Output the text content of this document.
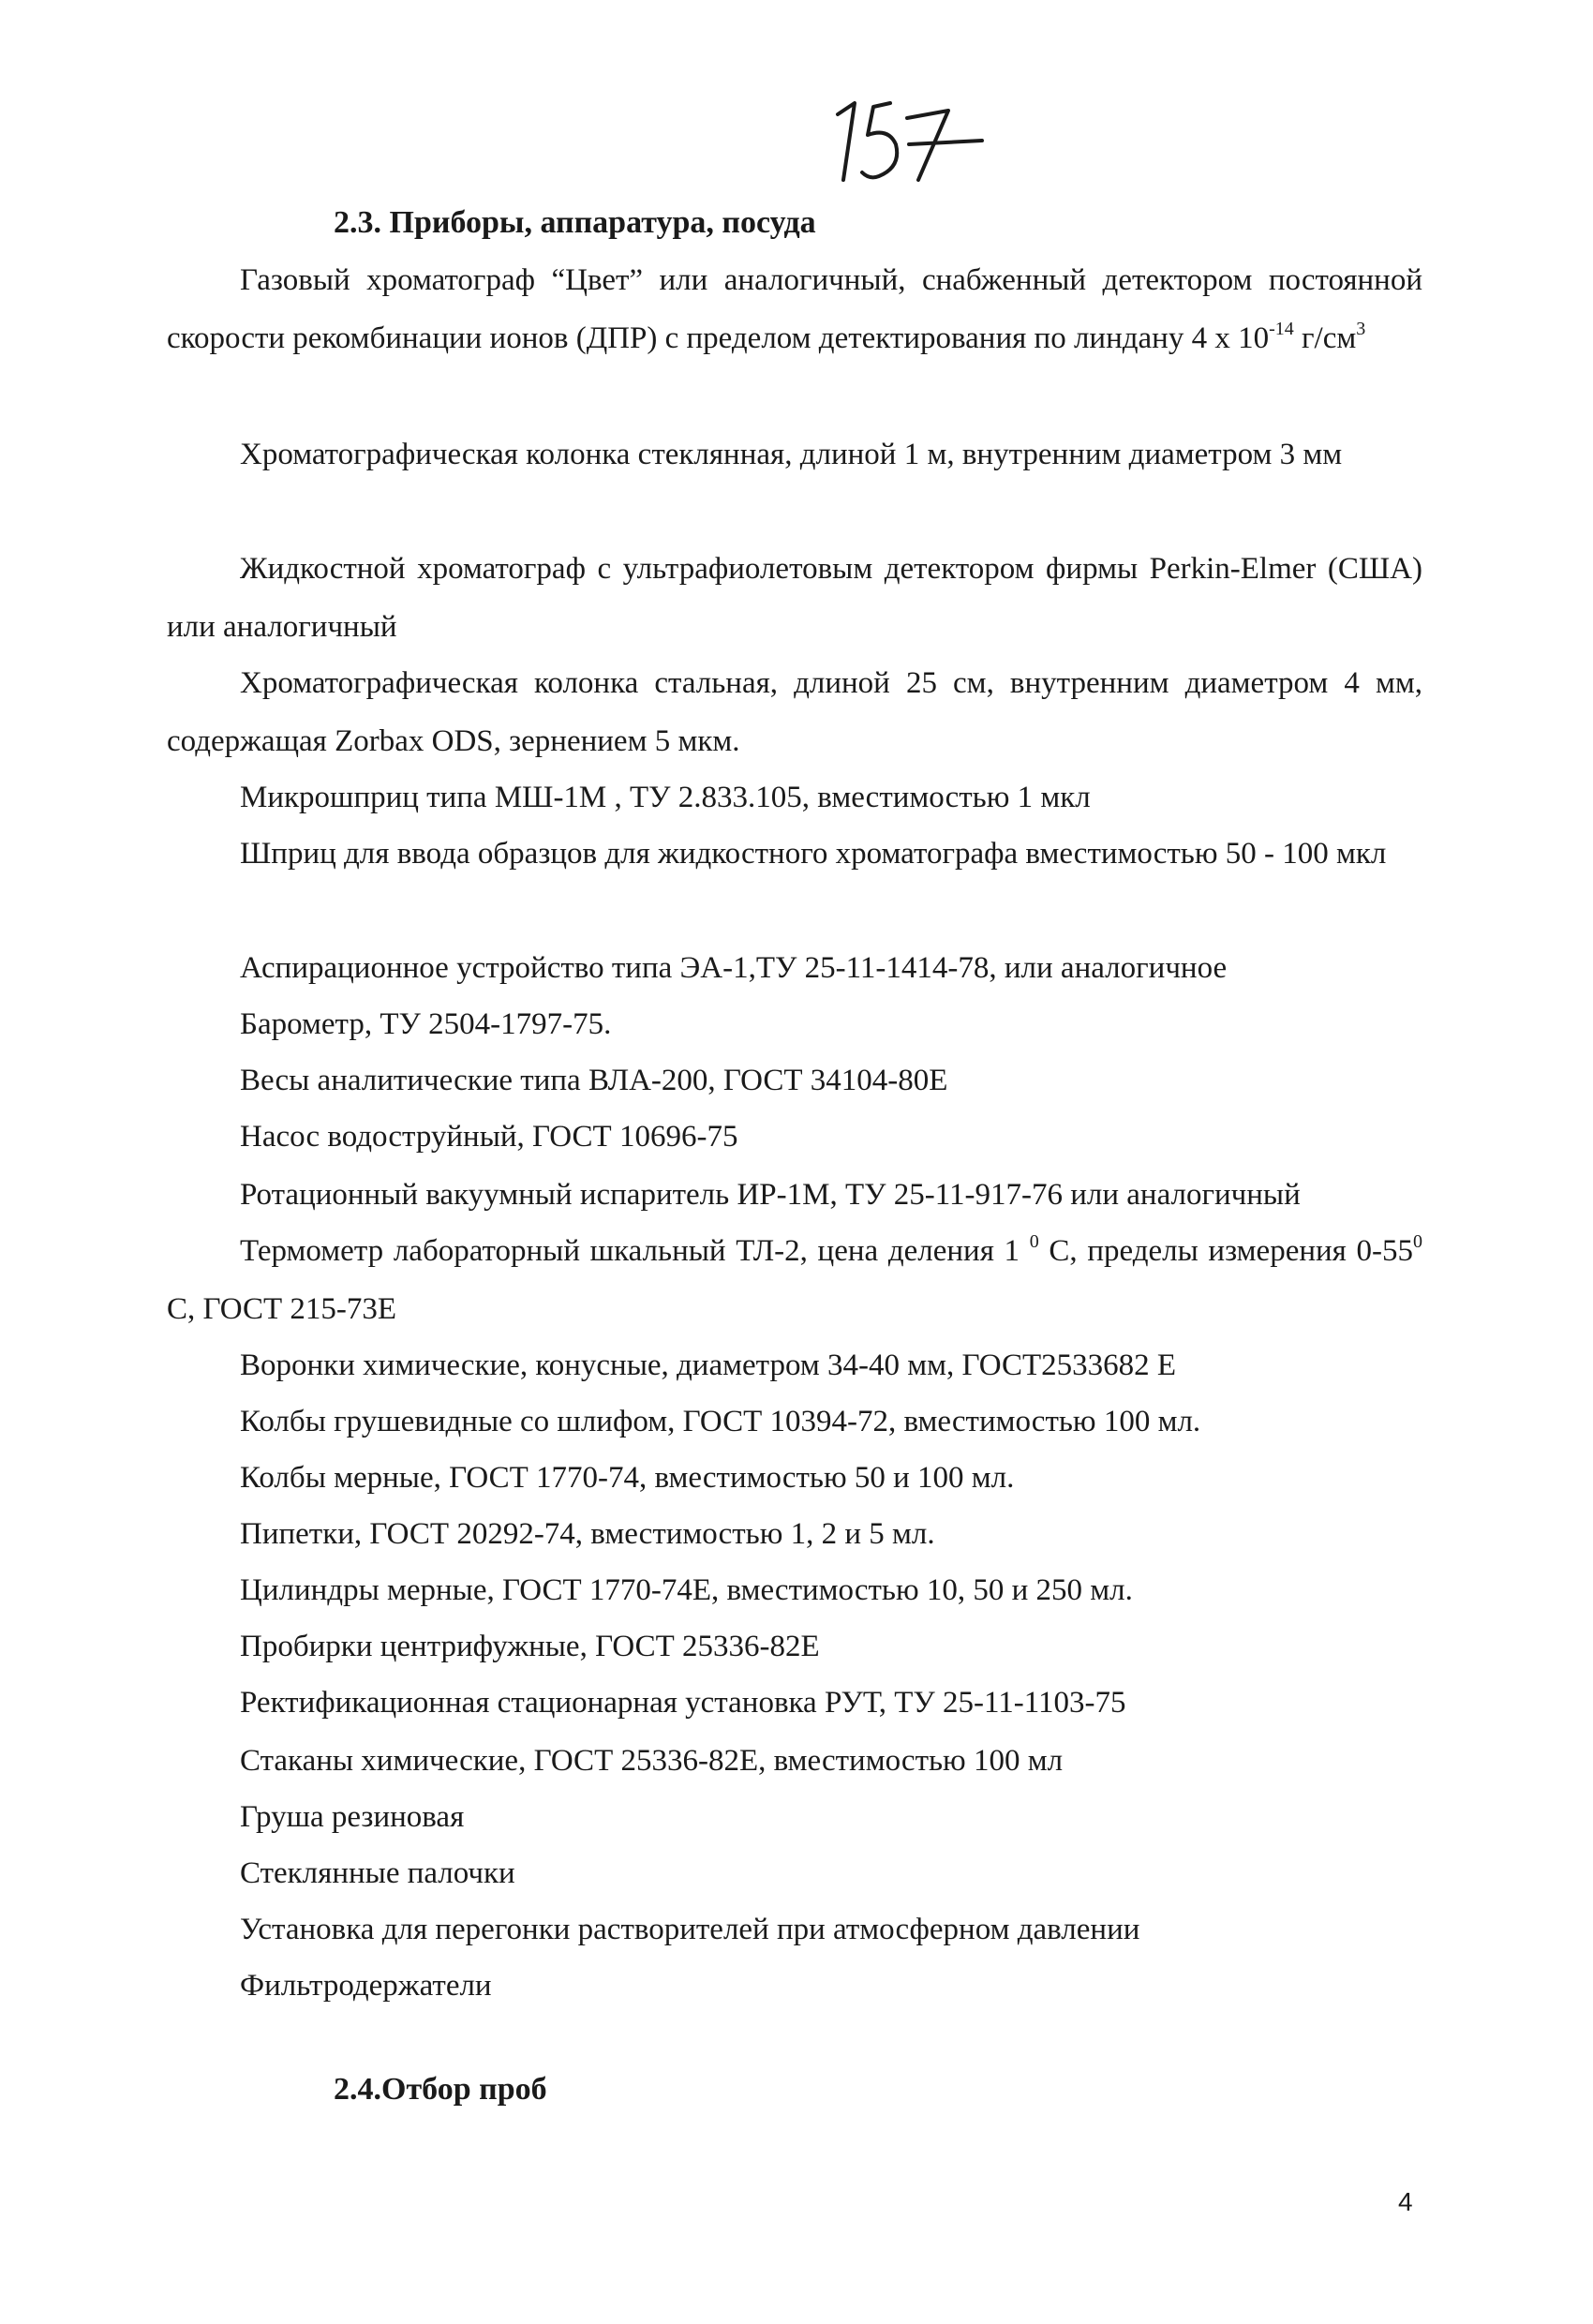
2.3. Приборы, аппаратура, посуда

Газовый хроматограф “Цвет” или аналогичный, снабженный детектором постоянной скорости рекомбинации ионов (ДПР) с пределом детектирования по линдану 4 x $10^{-14}$ $г/см^3$

Хроматографическая колонка стеклянная, длиной 1 м, внутренним диаметром 3 мм

Жидкостной хроматограф с ультрафиолетовым детектором фирмы Perkin-Elmer (США) или аналогичный

Хроматографическая колонка стальная, длиной 25 см, внутренним диаметром 4 мм, содержащая Zorbax ODS, зернением 5 мкм.

Микрошприц типа МШ-1М , ТУ 2.833.105, вместимостью 1 мкл

Шприц для ввода образцов для жидкостного хроматографа вместимостью 50 - 100 мкл

Аспирационное устройство типа ЭА-1,ТУ 25-11-1414-78, или аналогичное

Барометр, ТУ 2504-1797-75.

Весы аналитические типа ВЛА-200, ГОСТ 34104-80Е

Насос водоструйный, ГОСТ 10696-75

Ротационный вакуумный испаритель ИР-1М, ТУ 25-11-917-76 или аналогичный

Термометр лабораторный шкальный ТЛ-2, цена деления 1 $^0$ С, пределы измерения $0-55^0$ С, ГОСТ 215-73Е

Воронки химические, конусные, диаметром 34-40 мм, ГОСТ2533682 Е

Колбы грушевидные со шлифом, ГОСТ 10394-72, вместимостью 100 мл.

Колбы мерные, ГОСТ 1770-74, вместимостью 50 и 100 мл.

Пипетки, ГОСТ 20292-74, вместимостью 1, 2 и 5 мл.

Цилиндры мерные, ГОСТ 1770-74Е, вместимостью 10, 50 и 250 мл.

Пробирки центрифужные, ГОСТ 25336-82Е

Ректификационная стационарная установка РУТ, ТУ 25-11-1103-75

Стаканы химические, ГОСТ 25336-82Е, вместимостью 100 мл

Груша резиновая

Стеклянные палочки

Установка для перегонки растворителей при атмосферном давлении

Фильтродержатели

2.4.Отбор проб
4
